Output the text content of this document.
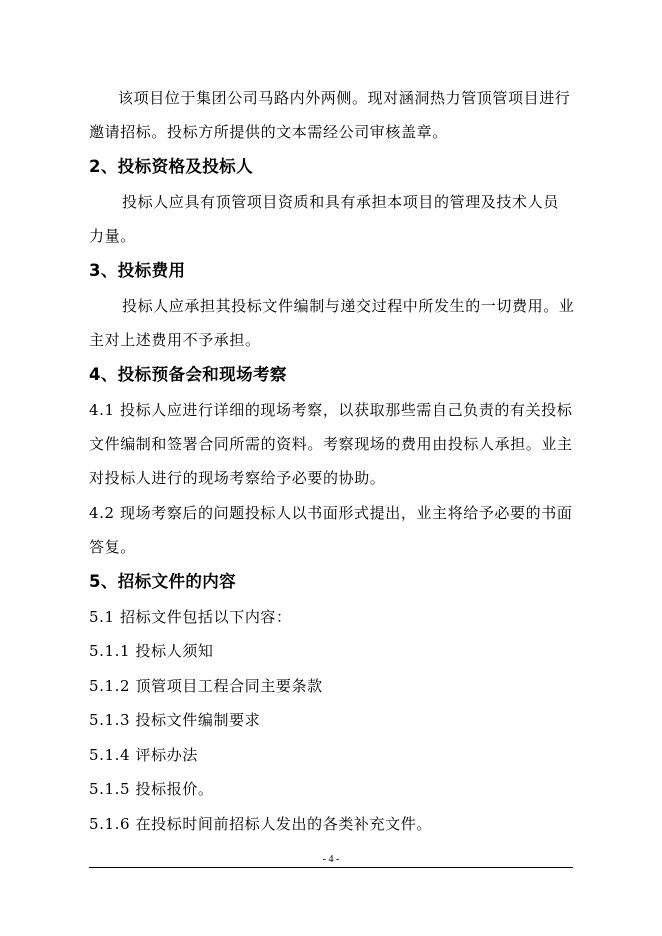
该项目位于集团公司马路内外两侧。现对涵洞热力管顶管项目进行
邀请招标。投标方所提供的文本需经公司审核盖章。
2、投标资格及投标人
投标人应具有顶管项目资质和具有承担本项目的管理及技术人员
力量。
3、投标费用
投标人应承担其投标文件编制与递交过程中所发生的一切费用。业
主对上述费用不予承担。
4、投标预备会和现场考察
4.1 投标人应进行详细的现场考察，以获取那些需自己负责的有关投标
文件编制和签署合同所需的资料。考察现场的费用由投标人承担。业主
对投标人进行的现场考察给予必要的协助。
4.2 现场考察后的问题投标人以书面形式提出，业主将给予必要的书面
答复。
5、招标文件的内容
5.1 招标文件包括以下内容：
5.1.1 投标人须知
5.1.2 顶管项目工程合同主要条款
5.1.3 投标文件编制要求
5.1.4 评标办法
5.1.5 投标报价。
5.1.6 在投标时间前招标人发出的各类补充文件。
- 4 -
